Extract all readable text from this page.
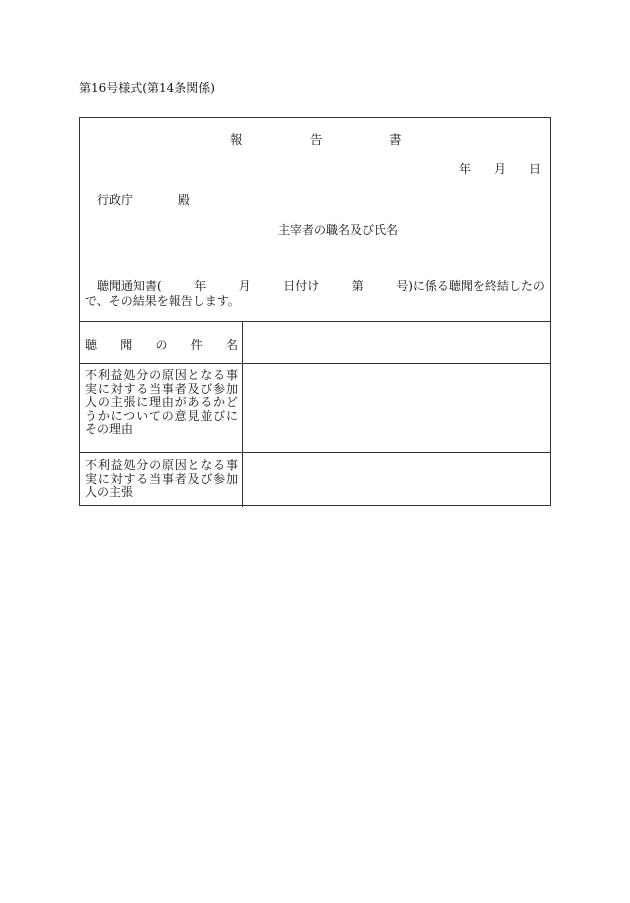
第16号様式(第14条関係)
報	告	書
年 月 日
行政庁	殿
主宰者の職名及び氏名
聴聞通知書(	年	月	日付け	第	号)に係る聴聞を終結したの
で、その結果を報告します。
聴 聞 の 件 名
不利益処分の原因となる事実に対する当事者及び参加人の主張に理由があるかどうかについての意見並びにその理由
不利益処分の原因となる事実に対する当事者及び参加人の主張
